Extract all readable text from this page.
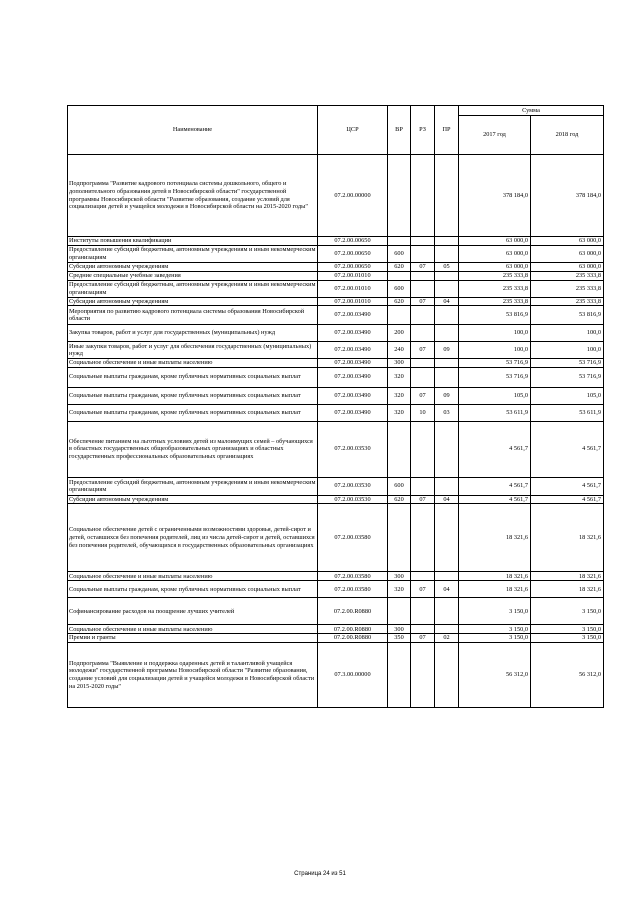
Наименование	ЦСР	ВР	РЗ	ПР	Сумма	
					2017 год	2018 год
Подпрограмма "Развитие кадрового потенциала системы дошкольного, общего и дополнительного образования детей в Новосибирской области" государственной программы Новосибирской области "Развитие образования, создание условий для социализации детей и учащейся молодежи в Новосибирской области на 2015-2020 годы"	07.2.00.00000				378 184,0	378 184,0
Институты повышения квалификации	07.2.00.00650				63 000,0	63 000,0
Предоставление субсидий бюджетным, автономным учреждениям и иным некоммерческим организациям	07.2.00.00650	600			63 000,0	63 000,0
Субсидии автономным учреждениям	07.2.00.00650	620	07	05	63 000,0	63 000,0
Средние специальные учебные заведения	07.2.00.01010				235 333,8	235 333,8
Предоставление субсидий бюджетным, автономным учреждениям и иным некоммерческим организациям	07.2.00.01010	600			235 333,8	235 333,8
Субсидии автономным учреждениям	07.2.00.01010	620	07	04	235 333,8	235 333,8
Мероприятия по развитию кадрового потенциала системы образования Новосибирской области	07.2.00.03490				53 816,9	53 816,9
Закупка товаров, работ и услуг для государственных (муниципальных) нужд	07.2.00.03490	200			100,0	100,0
Иные закупки товаров, работ и услуг для обеспечения государственных (муниципальных) нужд	07.2.00.03490	240	07	09	100,0	100,0
Социальное обеспечение и иные выплаты населению	07.2.00.03490	300			53 716,9	53 716,9
Социальные выплаты гражданам, кроме публичных нормативных социальных выплат	07.2.00.03490	320			53 716,9	53 716,9
Социальные выплаты гражданам, кроме публичных нормативных социальных выплат	07.2.00.03490	320	07	09	105,0	105,0
Социальные выплаты гражданам, кроме публичных нормативных социальных выплат	07.2.00.03490	320	10	03	53 611,9	53 611,9
Обеспечение питанием на льготных условиях детей из малоимущих семей – обучающихся в областных государственных общеобразовательных организациях и областных государственных профессиональных образовательных организациях	07.2.00.03530				4 561,7	4 561,7
Предоставление субсидий бюджетным, автономным учреждениям и иным некоммерческим организациям	07.2.00.03530	600			4 561,7	4 561,7
Субсидии автономным учреждениям	07.2.00.03530	620	07	04	4 561,7	4 561,7
Социальное обеспечение детей с ограниченными возможностями здоровья, детей-сирот и детей, оставшихся без попечения родителей, лиц из числа детей-сирот и детей, оставшихся без попечения родителей, обучающихся в государственных образовательных организациях	07.2.00.03580				18 321,6	18 321,6
Социальное обеспечение и иные выплаты населению	07.2.00.03580	300			18 321,6	18 321,6
Социальные выплаты гражданам, кроме публичных нормативных социальных выплат	07.2.00.03580	320	07	04	18 321,6	18 321,6
Софинансирование расходов на поощрение лучших учителей	07.2.00.R0880				3 150,0	3 150,0
Социальное обеспечение и иные выплаты населению	07.2.00.R0880	300			3 150,0	3 150,0
Премии и гранты	07.2.00.R0880	350	07	02	3 150,0	3 150,0
Подпрограмма "Выявление и поддержка одаренных детей и талантливой учащейся молодежи" государственной программы Новосибирской области "Развитие образования, создание условий для социализации детей и учащейся молодежи в Новосибирской области на 2015-2020 годы"	07.3.00.00000				56 312,0	56 312,0
Страница 24 из 51
